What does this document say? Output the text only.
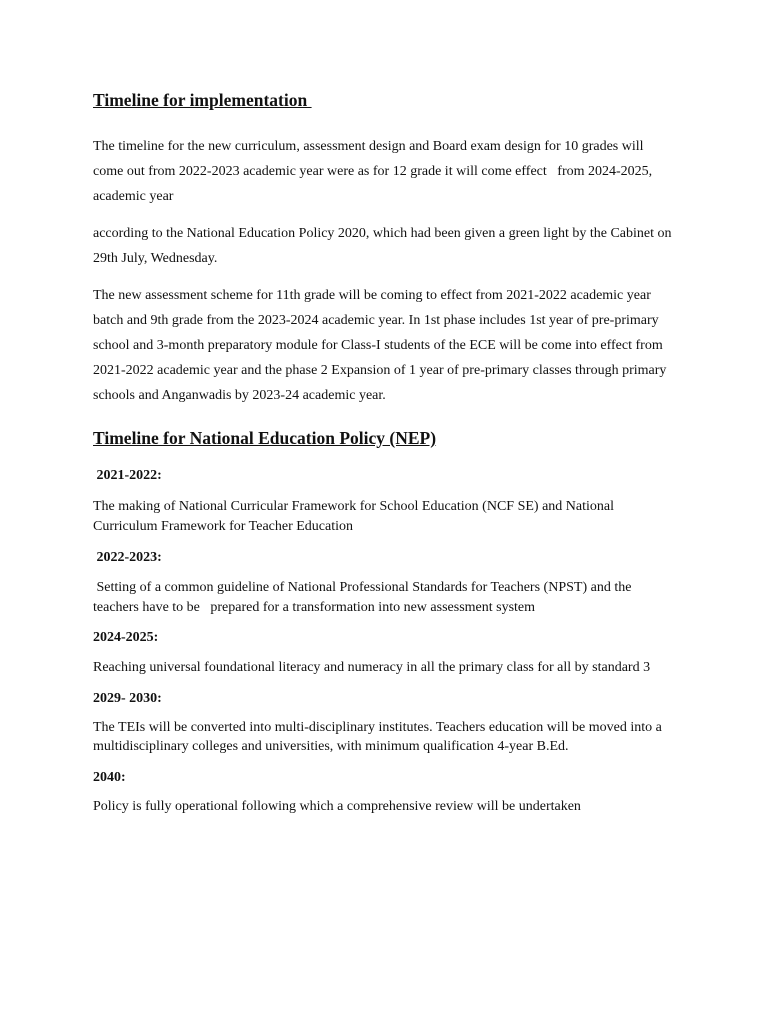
Timeline for implementation

The timeline for the new curriculum, assessment design and Board exam design for 10 grades will come out from 2022-2023 academic year were as for 12 grade it will come effect   from 2024-2025, academic year

according to the National Education Policy 2020, which had been given a green light by the Cabinet on 29th July, Wednesday.

The new assessment scheme for 11th grade will be coming to effect from 2021-2022 academic year batch and 9th grade from the 2023-2024 academic year. In 1st phase includes 1st year of pre-primary school and 3-month preparatory module for Class-I students of the ECE will be come into effect from 2021-2022 academic year and the phase 2 Expansion of 1 year of pre-primary classes through primary schools and Anganwadis by 2023-24 academic year.

Timeline for National Education Policy (NEP)

2021-2022:

The making of National Curricular Framework for School Education (NCF SE) and National Curriculum Framework for Teacher Education

2022-2023:

Setting of a common guideline of National Professional Standards for Teachers (NPST) and the teachers have to be   prepared for a transformation into new assessment system

2024-2025:

Reaching universal foundational literacy and numeracy in all the primary class for all by standard 3

2029- 2030:

The TEIs will be converted into multi-disciplinary institutes. Teachers education will be moved into a multidisciplinary colleges and universities, with minimum qualification 4-year B.Ed.

2040:

Policy is fully operational following which a comprehensive review will be undertaken
